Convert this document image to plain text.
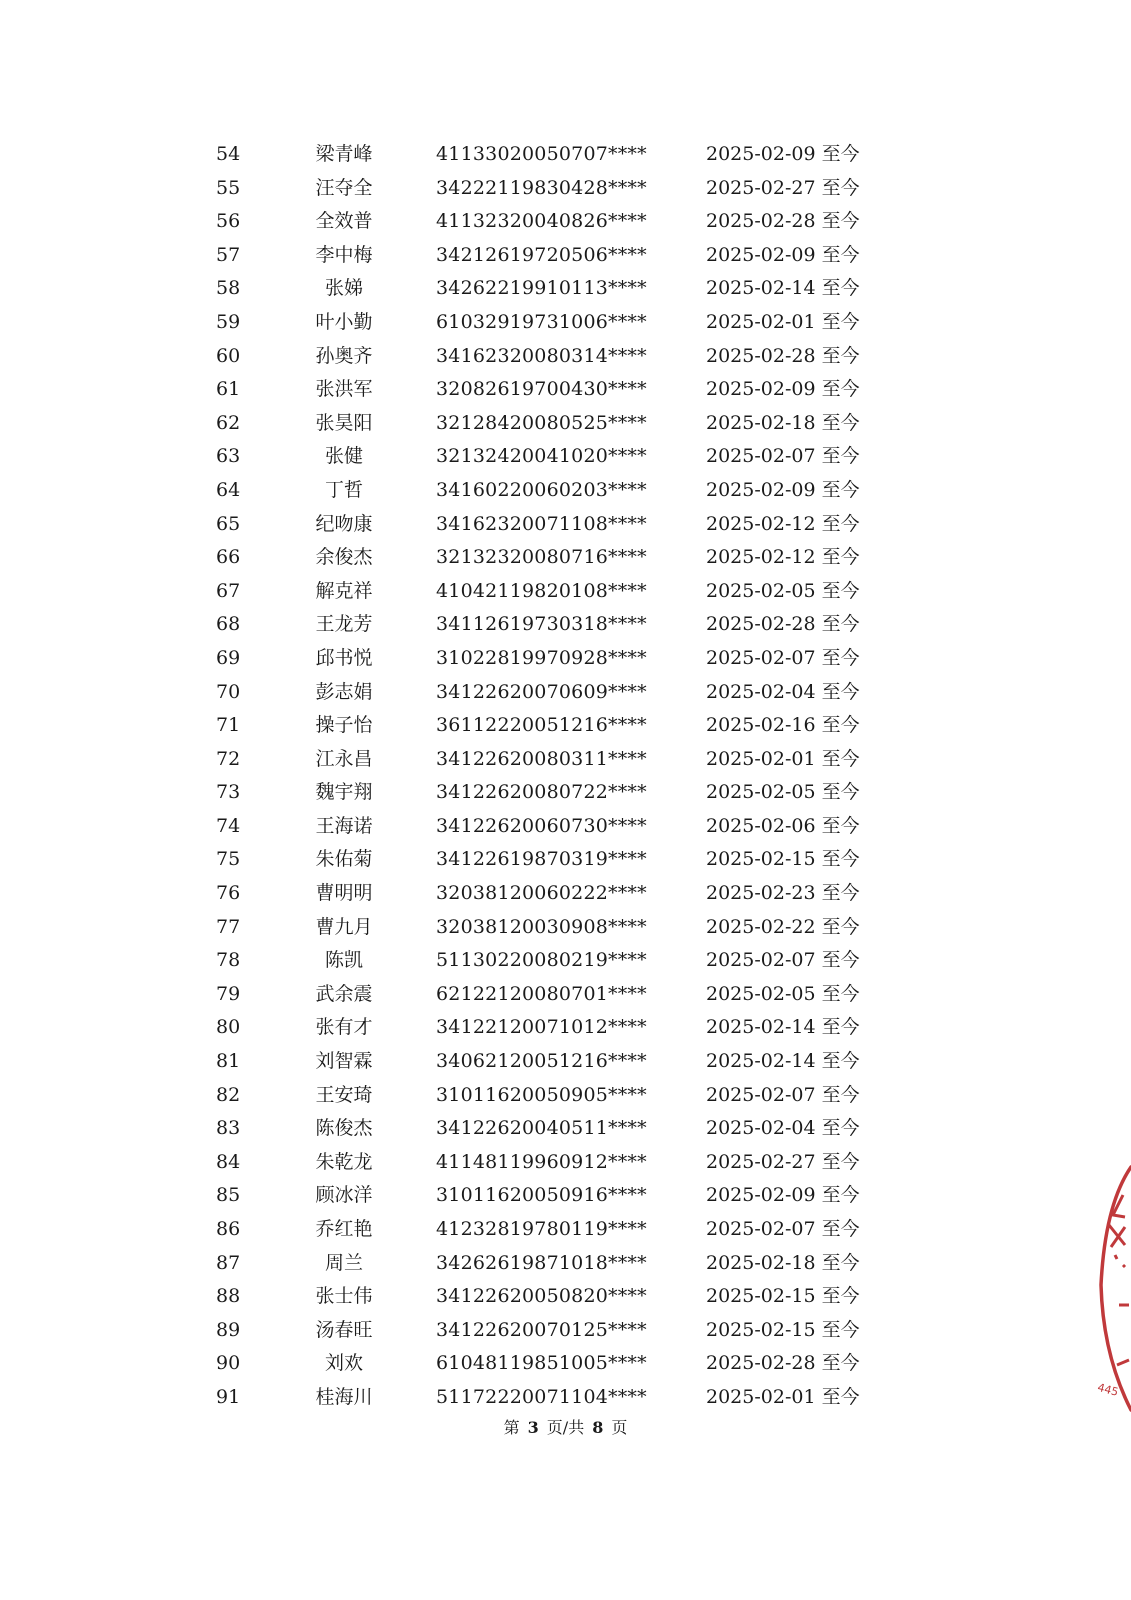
54	梁青峰	41133020050707****	2025-02-09 至今
55	汪夺全	34222119830428****	2025-02-27 至今
56	全效普	41132320040826****	2025-02-28 至今
57	李中梅	34212619720506****	2025-02-09 至今
58	张娣	34262219910113****	2025-02-14 至今
59	叶小勤	61032919731006****	2025-02-01 至今
60	孙奥齐	34162320080314****	2025-02-28 至今
61	张洪军	32082619700430****	2025-02-09 至今
62	张昊阳	32128420080525****	2025-02-18 至今
63	张健	32132420041020****	2025-02-07 至今
64	丁哲	34160220060203****	2025-02-09 至今
65	纪吻康	34162320071108****	2025-02-12 至今
66	余俊杰	32132320080716****	2025-02-12 至今
67	解克祥	41042119820108****	2025-02-05 至今
68	王龙芳	34112619730318****	2025-02-28 至今
69	邱书悦	31022819970928****	2025-02-07 至今
70	彭志娟	34122620070609****	2025-02-04 至今
71	操子怡	36112220051216****	2025-02-16 至今
72	江永昌	34122620080311****	2025-02-01 至今
73	魏宇翔	34122620080722****	2025-02-05 至今
74	王海诺	34122620060730****	2025-02-06 至今
75	朱佑菊	34122619870319****	2025-02-15 至今
76	曹明明	32038120060222****	2025-02-23 至今
77	曹九月	32038120030908****	2025-02-22 至今
78	陈凯	51130220080219****	2025-02-07 至今
79	武余震	62122120080701****	2025-02-05 至今
80	张有才	34122120071012****	2025-02-14 至今
81	刘智霖	34062120051216****	2025-02-14 至今
82	王安琦	31011620050905****	2025-02-07 至今
83	陈俊杰	34122620040511****	2025-02-04 至今
84	朱乾龙	41148119960912****	2025-02-27 至今
85	顾冰洋	31011620050916****	2025-02-09 至今
86	乔红艳	41232819780119****	2025-02-07 至今
87	周兰	34262619871018****	2025-02-18 至今
88	张士伟	34122620050820****	2025-02-15 至今
89	汤春旺	34122620070125****	2025-02-15 至今
90	刘欢	61048119851005****	2025-02-28 至今
91	桂海川	51172220071104****	2025-02-01 至今
第 3 页/共 8 页
445
